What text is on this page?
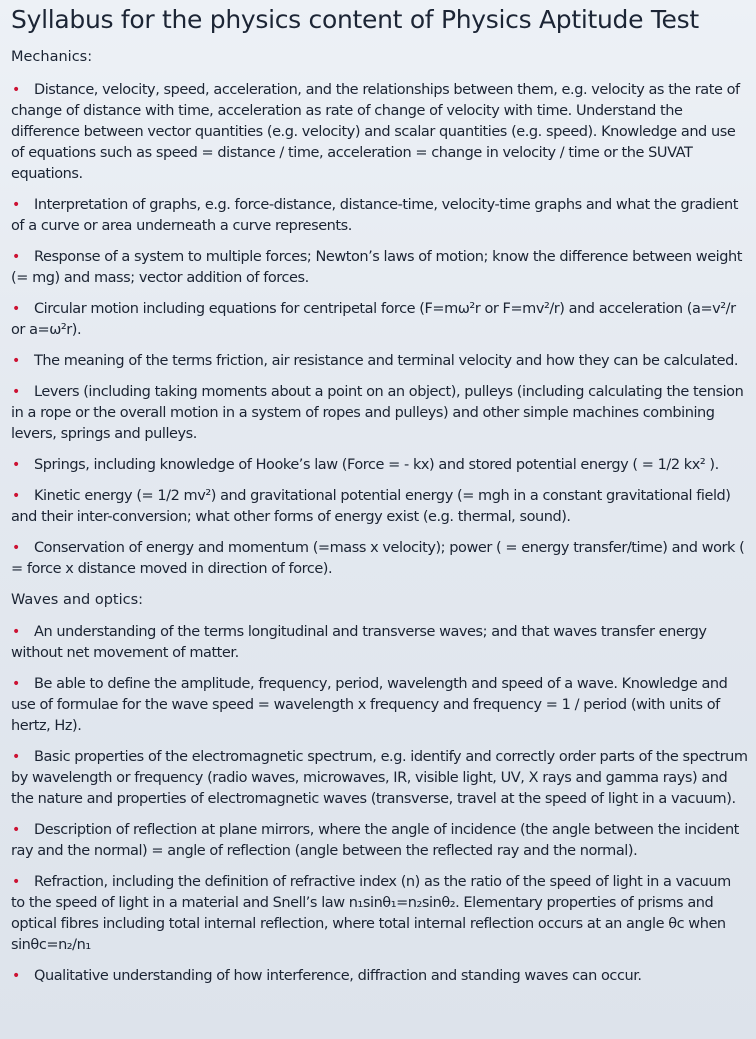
Syllabus for the physics content of Physics Aptitude Test
Mechanics:
• Distance, velocity, speed, acceleration, and the relationships between them, e.g. velocity as the rate of change of distance with time, acceleration as rate of change of velocity with time. Understand the difference between vector quantities (e.g. velocity) and scalar quantities (e.g. speed). Knowledge and use of equations such as speed = distance / time, acceleration = change in velocity / time or the SUVAT equations.
• Interpretation of graphs, e.g. force-distance, distance-time, velocity-time graphs and what the gradient of a curve or area underneath a curve represents.
• Response of a system to multiple forces; Newton’s laws of motion; know the difference between weight (= mg) and mass; vector addition of forces.
• Circular motion including equations for centripetal force (F=mω²r or F=mv²/r) and acceleration (a=v²/r or a=ω²r).
• The meaning of the terms friction, air resistance and terminal velocity and how they can be calculated.
• Levers (including taking moments about a point on an object), pulleys (including calculating the tension in a rope or the overall motion in a system of ropes and pulleys) and other simple machines combining levers, springs and pulleys.
• Springs, including knowledge of Hooke’s law (Force = - kx) and stored potential energy ( = 1/2 kx² ).
• Kinetic energy (= 1/2 mv²) and gravitational potential energy (= mgh in a constant gravitational field) and their inter-conversion; what other forms of energy exist (e.g. thermal, sound).
• Conservation of energy and momentum (=mass x velocity); power ( = energy transfer/time) and work ( = force x distance moved in direction of force).
Waves and optics:
• An understanding of the terms longitudinal and transverse waves; and that waves transfer energy without net movement of matter.
• Be able to define the amplitude, frequency, period, wavelength and speed of a wave. Knowledge and use of formulae for the wave speed = wavelength x frequency and frequency = 1 / period (with units of hertz, Hz).
• Basic properties of the electromagnetic spectrum, e.g. identify and correctly order parts of the spectrum by wavelength or frequency (radio waves, microwaves, IR, visible light, UV, X rays and gamma rays) and the nature and properties of electromagnetic waves (transverse, travel at the speed of light in a vacuum).
• Description of reflection at plane mirrors, where the angle of incidence (the angle between the incident ray and the normal) = angle of reflection (angle between the reflected ray and the normal).
• Refraction, including the definition of refractive index (n) as the ratio of the speed of light in a vacuum to the speed of light in a material and Snell’s law n₁sinθ₁=n₂sinθ₂. Elementary properties of prisms and optical fibres including total internal reflection, where total internal reflection occurs at an angle θc when sinθc=n₂/n₁
• Qualitative understanding of how interference, diffraction and standing waves can occur.
